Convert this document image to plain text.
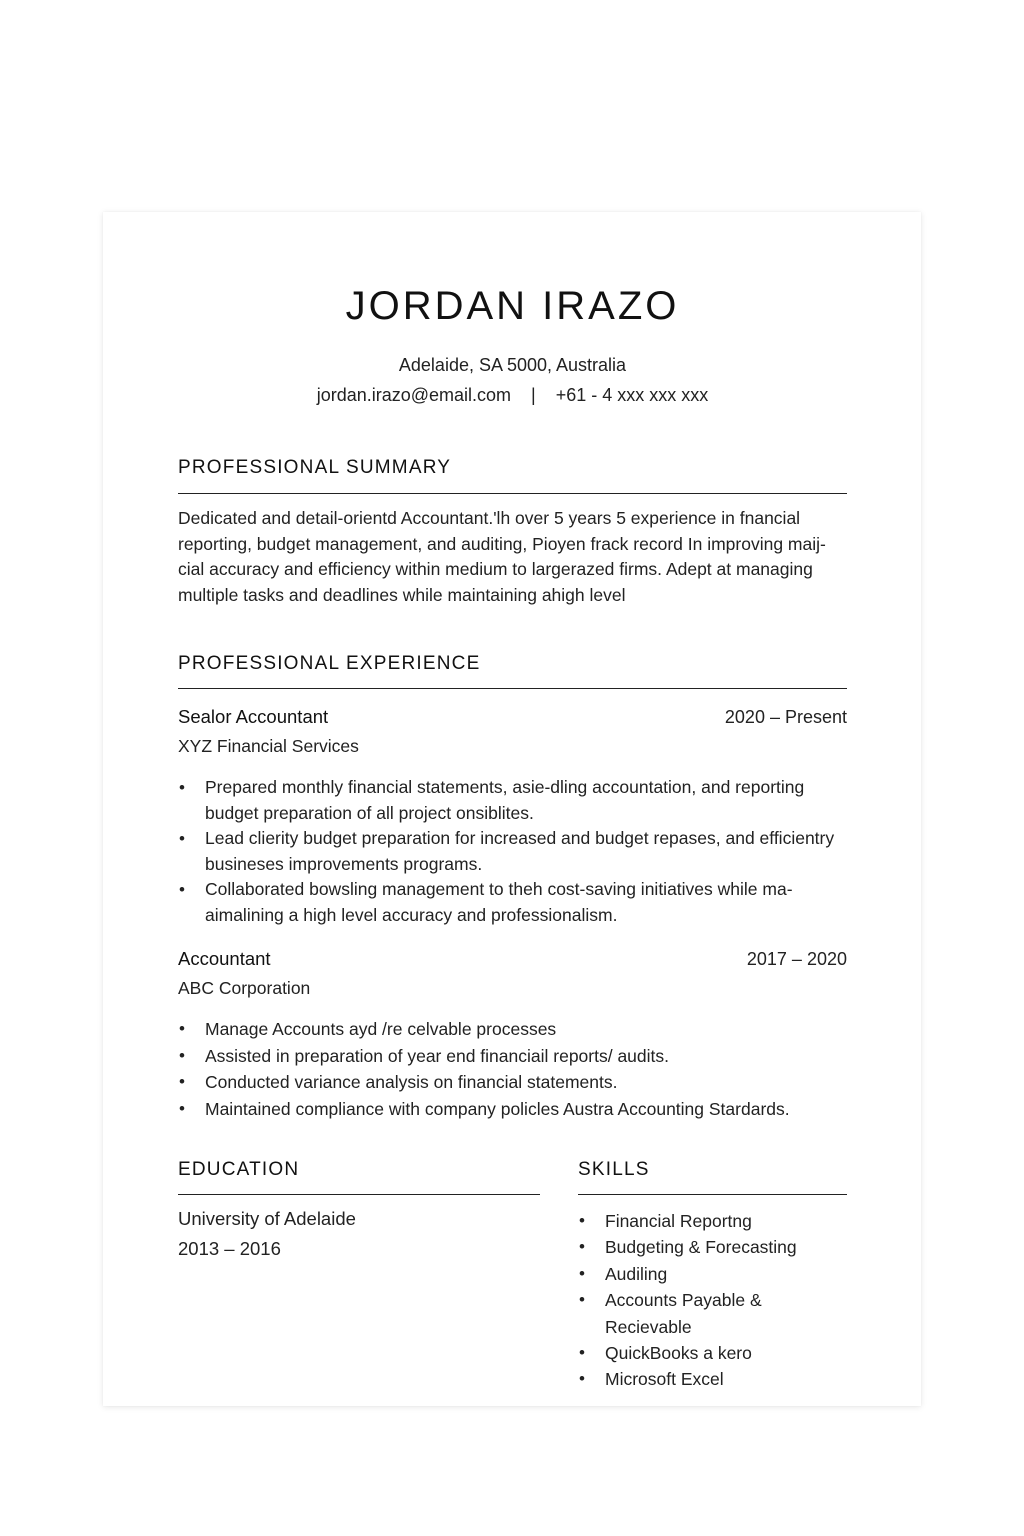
JORDAN IRAZO
Adelaide, SA 5000, Australia
jordan.irazo@email.com | +61 - 4 xxx xxx xxx
PROFESSIONAL SUMMARY
Dedicated and detail-orientd Accountant.'lh over 5 years 5 experience in fnancial reporting, budget management, and auditing, Pioyen frack record In improving maij-cial accuracy and efficiency within medium to largerazed firms. Adept at managing multiple tasks and deadlines while maintaining ahigh level
PROFESSIONAL EXPERIENCE
Sealor Accountant	2020 – Present
XYZ Financial Services
• Prepared monthly financial statements, asie-dling accountation, and reporting budget preparation of all project onsiblites.
• Lead clierity budget preparation for increased and budget repases, and efficientry busineses improvements programs.
• Collaborated bowsling management to theh cost-saving initiatives while ma-aimalining a high level accuracy and professionalism.
Accountant	2017 – 2020
ABC Corporation
• Manage Accounts ayd /re celvable processes
• Assisted in preparation of year end financiail reports/ audits.
• Conducted variance analysis on financial statements.
• Maintained compliance with company policles Austra Accounting Stardards.
EDUCATION
University of Adelaide
2013 – 2016
SKILLS
• Financial Reportng
• Budgeting & Forecasting
• Audiling
• Accounts Payable & Recievable
• QuickBooks a kero
• Microsoft Excel
